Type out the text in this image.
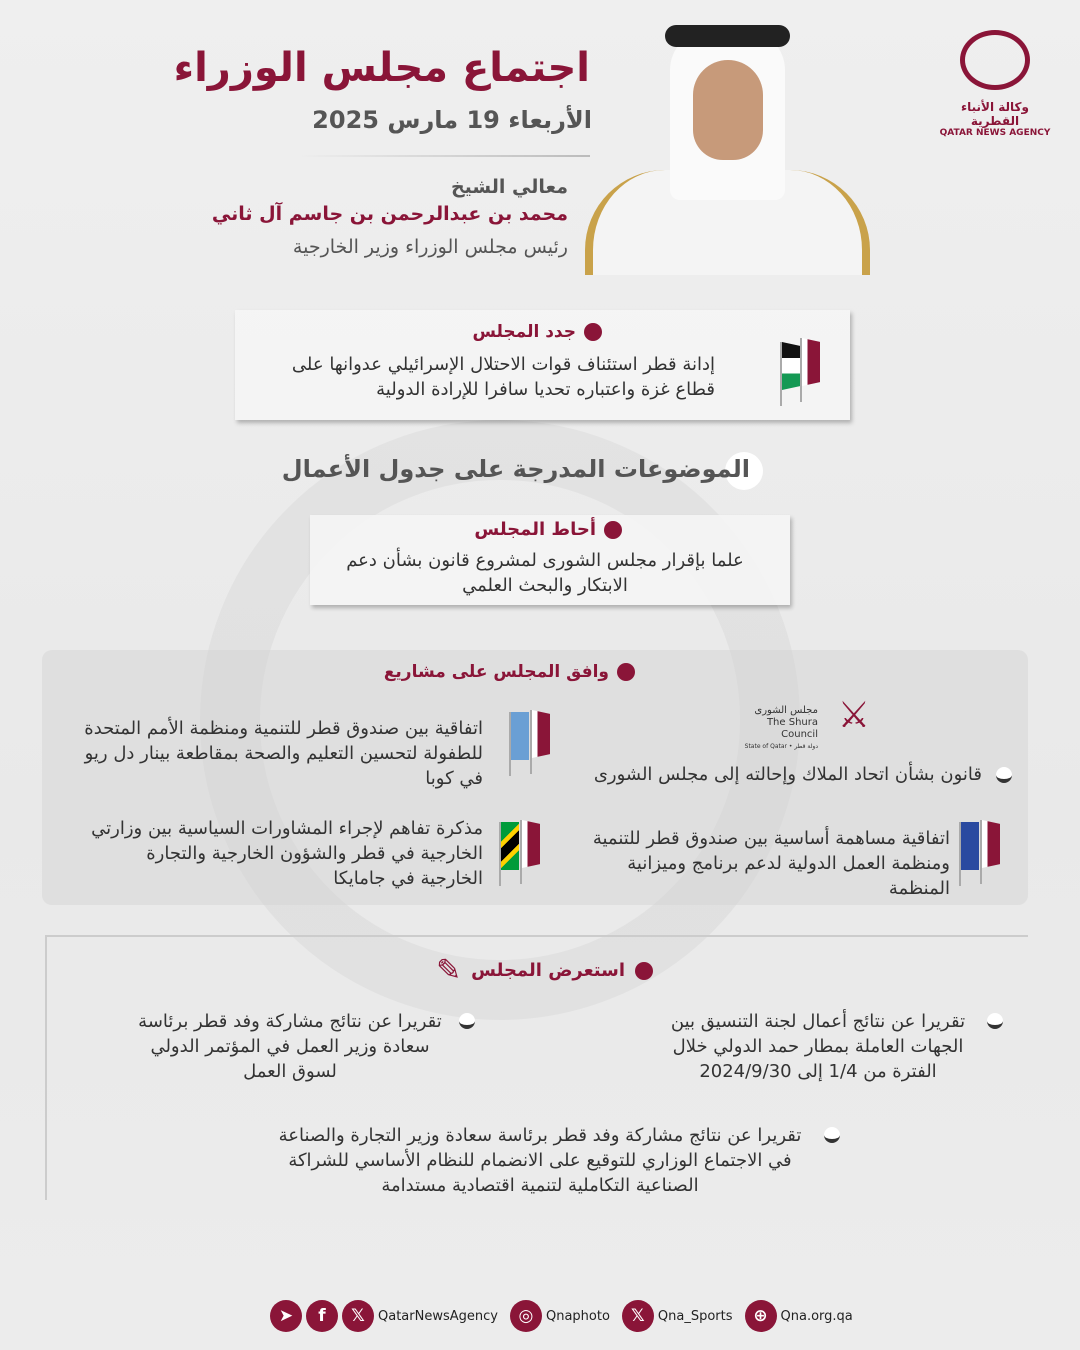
اجتماع مجلس الوزراء
الأربعاء 19 مارس 2025
معالي الشيخ
محمد بن عبدالرحمن بن جاسم آل ثاني
رئيس مجلس الوزراء وزير الخارجية
وكالة الأنباء القطرية
QATAR NEWS AGENCY
جدد المجلس
إدانة قطر استئناف قوات الاحتلال الإسرائيلي عدوانها على قطاع غزة واعتباره تحديا سافرا للإرادة الدولية
الموضوعات المدرجة على جدول الأعمال
أحاط المجلس
علما بإقرار مجلس الشورى لمشروع قانون بشأن دعم الابتكار والبحث العلمي
وافق المجلس على مشاريع
⚔
مجلس الشورى
The Shura Council
State of Qatar • دولة قطر
قانون بشأن اتحاد الملاك وإحالته إلى مجلس الشورى
اتفاقية بين صندوق قطر للتنمية ومنظمة الأمم المتحدة للطفولة لتحسين التعليم والصحة بمقاطعة بينار دل ريو في كوبا
اتفاقية مساهمة أساسية بين صندوق قطر للتنمية ومنظمة العمل الدولية لدعم برنامج وميزانية المنظمة
مذكرة تفاهم لإجراء المشاورات السياسية بين وزارتي الخارجية في قطر والشؤون الخارجية والتجارة الخارجية في جامايكا
استعرض المجلس
✎
تقريرا عن نتائج أعمال لجنة التنسيق بين الجهات العاملة بمطار حمد الدولي خلال الفترة من 1/4 إلى 2024/9/30
تقريرا عن نتائج مشاركة وفد قطر برئاسة سعادة وزير العمل في المؤتمر الدولي لسوق العمل
تقريرا عن نتائج مشاركة وفد قطر برئاسة سعادة وزير التجارة والصناعة في الاجتماع الوزاري للتوقيع على الانضمام للنظام الأساسي للشراكة الصناعية التكاملية لتنمية اقتصادية مستدامة
➤	f	𝕏	QatarNewsAgency	◎ Qnaphoto	𝕏	Qna_Sports	⊕ Qna.org.qa
